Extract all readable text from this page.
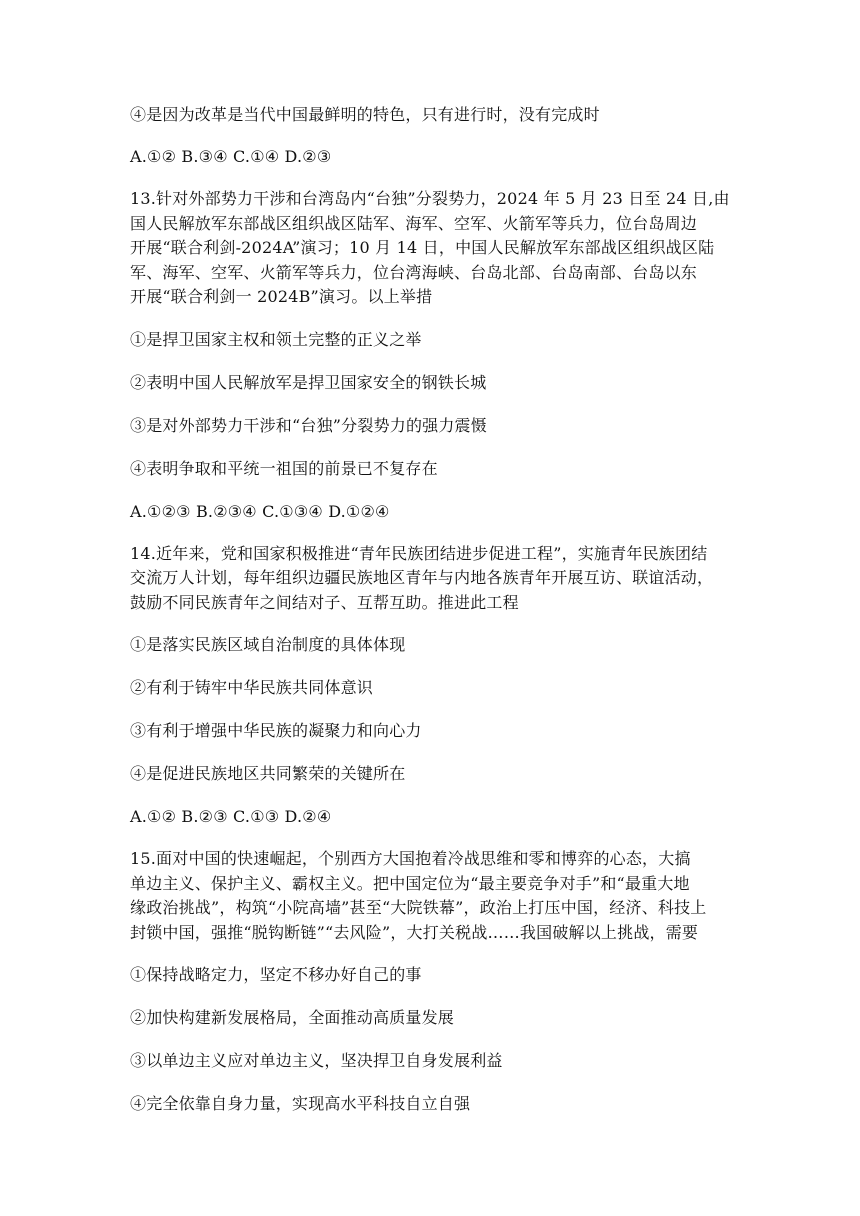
④是因为改革是当代中国最鲜明的特色，只有进行时，没有完成时

A.①② B.③④ C.①④ D.②③

13.针对外部势力干涉和台湾岛内“台独”分裂势力，2024 年 5 月 23 日至 24 日,由
国人民解放军东部战区组织战区陆军、海军、空军、火箭军等兵力，位台岛周边
开展“联合利剑-2024A”演习；10 月 14 日，中国人民解放军东部战区组织战区陆
军、海军、空军、火箭军等兵力，位台湾海峡、台岛北部、台岛南部、台岛以东
开展“联合利剑一 2024B”演习。以上举措

①是捍卫国家主权和领土完整的正义之举

②表明中国人民解放军是捍卫国家安全的钢铁长城

③是对外部势力干涉和“台独”分裂势力的强力震慑

④表明争取和平统一祖国的前景已不复存在

A.①②③ B.②③④ C.①③④ D.①②④

14.近年来，党和国家积极推进“青年民族团结进步促进工程”，实施青年民族团结
交流万人计划，每年组织边疆民族地区青年与内地各族青年开展互访、联谊活动，
鼓励不同民族青年之间结对子、互帮互助。推进此工程

①是落实民族区域自治制度的具体体现

②有利于铸牢中华民族共同体意识

③有利于增强中华民族的凝聚力和向心力

④是促进民族地区共同繁荣的关键所在

A.①② B.②③ C.①③ D.②④

15.面对中国的快速崛起，个别西方大国抱着冷战思维和零和博弈的心态，大搞
单边主义、保护主义、霸权主义。把中国定位为“最主要竞争对手”和“最重大地
缘政治挑战”，构筑“小院高墙”甚至“大院铁幕”，政治上打压中国，经济、科技上
封锁中国，强推“脱钩断链”“去风险”，大打关税战……我国破解以上挑战，需要

①保持战略定力，坚定不移办好自己的事

②加快构建新发展格局，全面推动高质量发展

③以单边主义应对单边主义，坚决捍卫自身发展利益

④完全依靠自身力量，实现高水平科技自立自强
